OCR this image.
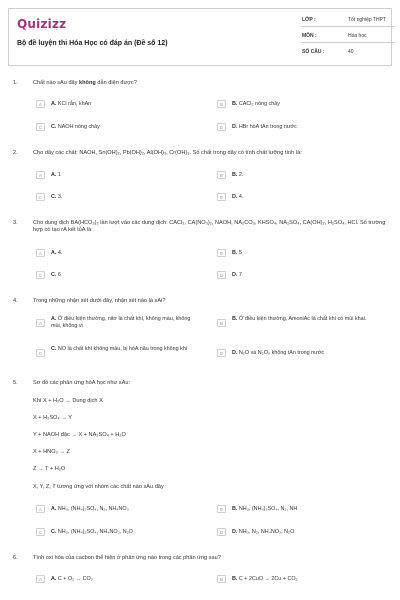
Quizizz
Bộ đề luyện thi Hóa Học có đáp án (Đề số 12)
LỚP :	Tốt nghiệp THPT
MÔN :	Hóa học
SỐ CÂU :	40
1.	Chất nào sAu đây không dẫn điện được?
A
A. KCl rắn, khAn B	B. CACl₂ nóng chảy
C
C. NAOH nóng chảy D	D. HBr hòA tAn trong nước
2.	Cho dãy các chất: NAOH, Sn(OH)₂, Pb(OH)₂, Al(OH)₃, Cr(OH)₃. Số chất trong dãy có tính chất lưỡng tính là:
A
A. 1 B	B. 2.
C
C. 3. D	D. 4.
3.	Cho dung dịch BA(HCO₃)₂ lần lượt vào các dung dịch: CACl₂, CA(NO₃)₂, NAOH, NA₂CO₃, KHSO₄, NA₂SO₄, CA(OH)₂, H₂SO₄, HCl. Số trường hợp có tạo rA kết tủA là:
A
A. 4. B	B. 5
C
C. 6 D	D. 7
4.	Trong những nhận xét dưới đây, nhận xét nào là sAi?
A
A. Ở điều kiện thường, nitơ là chất khí, không màu, không mùi, không vị
B
B. Ở điều kiện thường, AmoniAc là chất khí có mùi khai.
C
C. NO là chất khí không màu, bị hóA nâu trong không khí
D
D. N₂O và N₂O₅ không tAn trong nước
5.	Sơ đồ các phản ứng hóA học như sAu:
Khí X + H₂O → Dung dịch X
X + H₂SO₄ → Y
Y + NAOH đặc → X + NA₂SO₄ + H₂O
X + HNO₃ → Z
Z → T + H₂O
X, Y, Z, T tương ứng với nhóm các chất nào sAu đây
A
A. NH₃, (NH₄)₂SO₄, N₂, NH₄NO₃ B	B. NH₃, (NH₄)₂SO₄, N₂, NH
C
C. NH₃, (NH₄)₂SO₄, NH₄NO₃, N₂O D	D. NH₃, N₂, NH₄NO₃, N₂O
6.	Tính oxi hóa của cacbon thể hiện ở phản ứng nào trong các phản ứng sau?
A
A. C + O₂ → CO₂ B	B. C + 2CuO → 2Cu + CO₂
